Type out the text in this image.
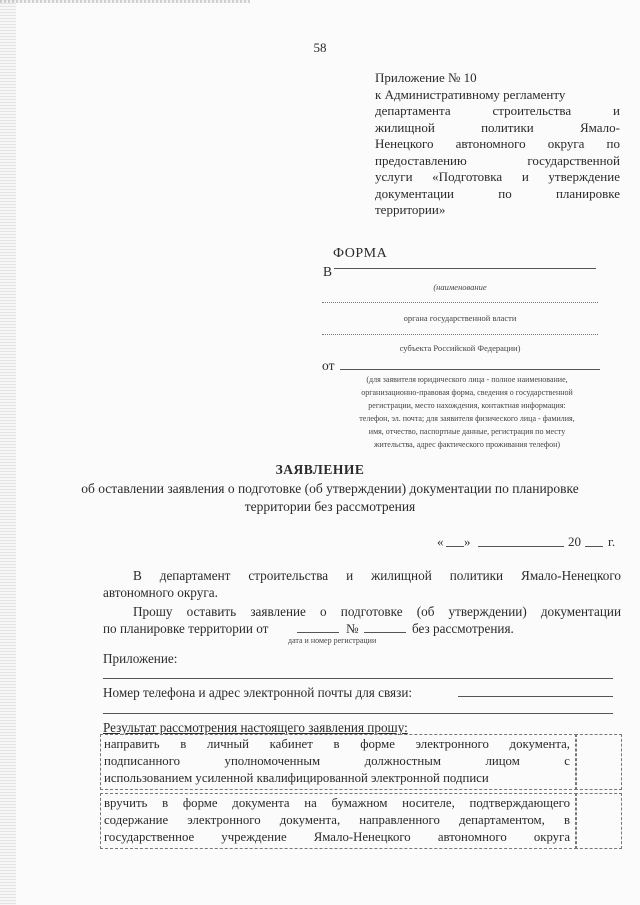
58
Приложение № 10
к Административному регламенту
департамента строительства и
жилищной политики Ямало-
Ненецкого автономного округа по
предоставлению государственной
услуги «Подготовка и утверждение
документации по планировке
территории»
ФОРМА
В
(наименование
органа государственной власти
субъекта Российской Федерации)
от
(для заявителя юридического лица - полное наименование,
организационно-правовая форма, сведения о государственной
регистрации, место нахождения, контактная информация:
телефон, эл. почта; для заявителя физического лица - фамилия,
имя, отчество, паспортные данные, регистрация по месту
жительства, адрес фактического проживания телефон)
ЗАЯВЛЕНИЕ
об оставлении заявления о подготовке (об утверждении) документации по планировке территории без рассмотрения
« »	20 г.
В департамент строительства и жилищной политики Ямало-Ненецкого
автономного округа.
Прошу оставить заявление о подготовке (об утверждении) документации
по планировке территории от	№	без рассмотрения.
дата и номер регистрации
Приложение:
Номер телефона и адрес электронной почты для связи:
Результат рассмотрения настоящего заявления прошу:
направить в личный кабинет в форме электронного документа,
подписанного уполномоченным должностным лицом с
использованием усиленной квалифицированной электронной подписи
вручить в форме документа на бумажном носителе, подтверждающего
содержание электронного документа, направленного департаментом, в
государственное учреждение Ямало-Ненецкого автономного округа
